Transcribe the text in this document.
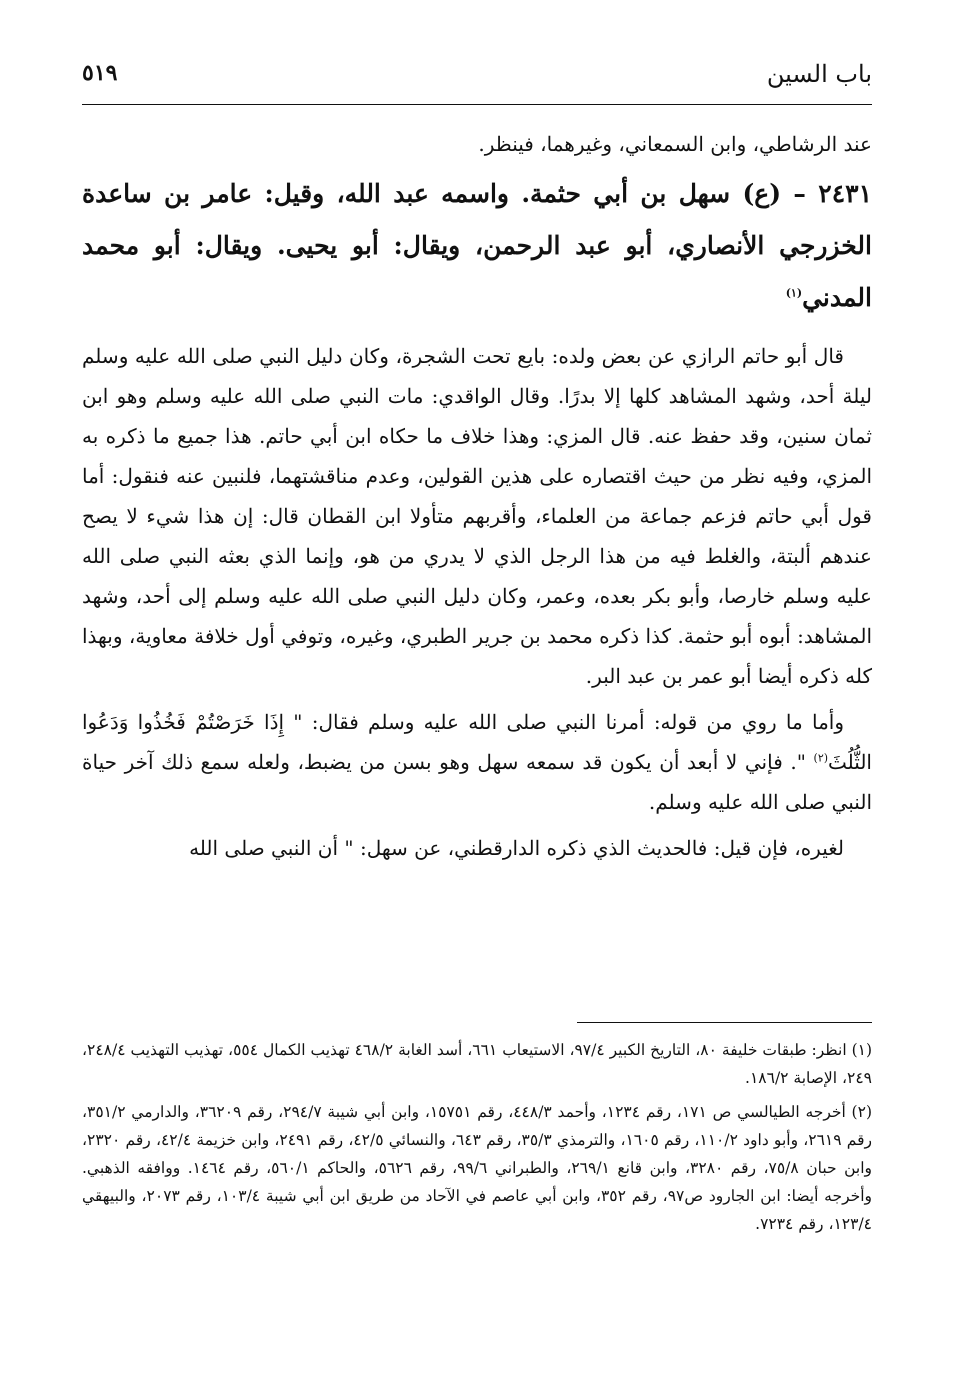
باب السين
٥١٩

عند الرشاطي، وابن السمعاني، وغيرهما، فينظر.

٢٤٣١ – (ع) سهل بن أبي حثمة. واسمه عبد الله، وقيل: عامر بن ساعدة الخزرجي الأنصاري، أبو عبد الرحمن، ويقال: أبو يحيى. ويقال: أبو محمد المدني$^{(١)}$

قال أبو حاتم الرازي عن بعض ولده: بايع تحت الشجرة، وكان دليل النبي صلى الله عليه وسلم ليلة أحد، وشهد المشاهد كلها إلا بدرًا. وقال الواقدي: مات النبي صلى الله عليه وسلم وهو ابن ثمان سنين، وقد حفظ عنه. قال المزي: وهذا خلاف ما حكاه ابن أبي حاتم. هذا جميع ما ذكره به المزي، وفيه نظر من حيث اقتصاره على هذين القولين، وعدم مناقشتهما، فلنبين عنه فنقول: أما قول أبي حاتم فزعم جماعة من العلماء، وأقربهم متأولا ابن القطان قال: إن هذا شيء لا يصح عندهم ألبتة، والغلط فيه من هذا الرجل الذي لا يدري من هو، وإنما الذي بعثه النبي صلى الله عليه وسلم خارصا، وأبو بكر بعده، وعمر، وكان دليل النبي صلى الله عليه وسلم إلى أحد، وشهد المشاهد: أبوه أبو حثمة. كذا ذكره محمد بن جرير الطبري، وغيره، وتوفي أول خلافة معاوية، وبهذا كله ذكره أيضا أبو عمر بن عبد البر.

وأما ما روي من قوله: أمرنا النبي صلى الله عليه وسلم فقال: " إِذَا خَرَصْتُمْ فَخُذُوا وَدَعُوا الثُّلُثَ$^{(٢)}$ ". فإني لا أبعد أن يكون قد سمعه سهل وهو بسن من يضبط، ولعله سمع ذلك آخر حياة النبي صلى الله عليه وسلم.

لغيره، فإن قيل: فالحديث الذي ذكره الدارقطني، عن سهل: " أن النبي صلى الله

(١) انظر: طبقات خليفة ٨٠، التاريخ الكبير ٩٧/٤، الاستيعاب ٦٦١، أسد الغابة ٤٦٨/٢ تهذيب الكمال ٥٥٤، تهذيب التهذيب ٢٤٨/٤، ٢٤٩، الإصابة ١٨٦/٢.

(٢) أخرجه الطيالسي ص ١٧١، رقم ١٢٣٤، وأحمد ٤٤٨/٣، رقم ١٥٧٥١، وابن أبي شيبة ٢٩٤/٧، رقم ٣٦٢٠٩، والدارمي ٣٥١/٢، رقم ٢٦١٩، وأبو داود ١١٠/٢، رقم ١٦٠٥، والترمذي ٣٥/٣، رقم ٦٤٣، والنسائي ٤٢/٥، رقم ٢٤٩١، وابن خزيمة ٤٢/٤، رقم ٢٣٢٠، وابن حبان ٧٥/٨، رقم ٣٢٨٠، وابن قانع ٢٦٩/١، والطبراني ٩٩/٦، رقم ٥٦٢٦، والحاكم ٥٦٠/١، رقم ١٤٦٤. ووافقه الذهبي. وأخرجه أيضا: ابن الجارود ص٩٧، رقم ٣٥٢، وابن أبي عاصم في الآحاد من طريق ابن أبي شيبة ١٠٣/٤، رقم ٢٠٧٣، والبيهقي ١٢٣/٤، رقم ٧٢٣٤.
